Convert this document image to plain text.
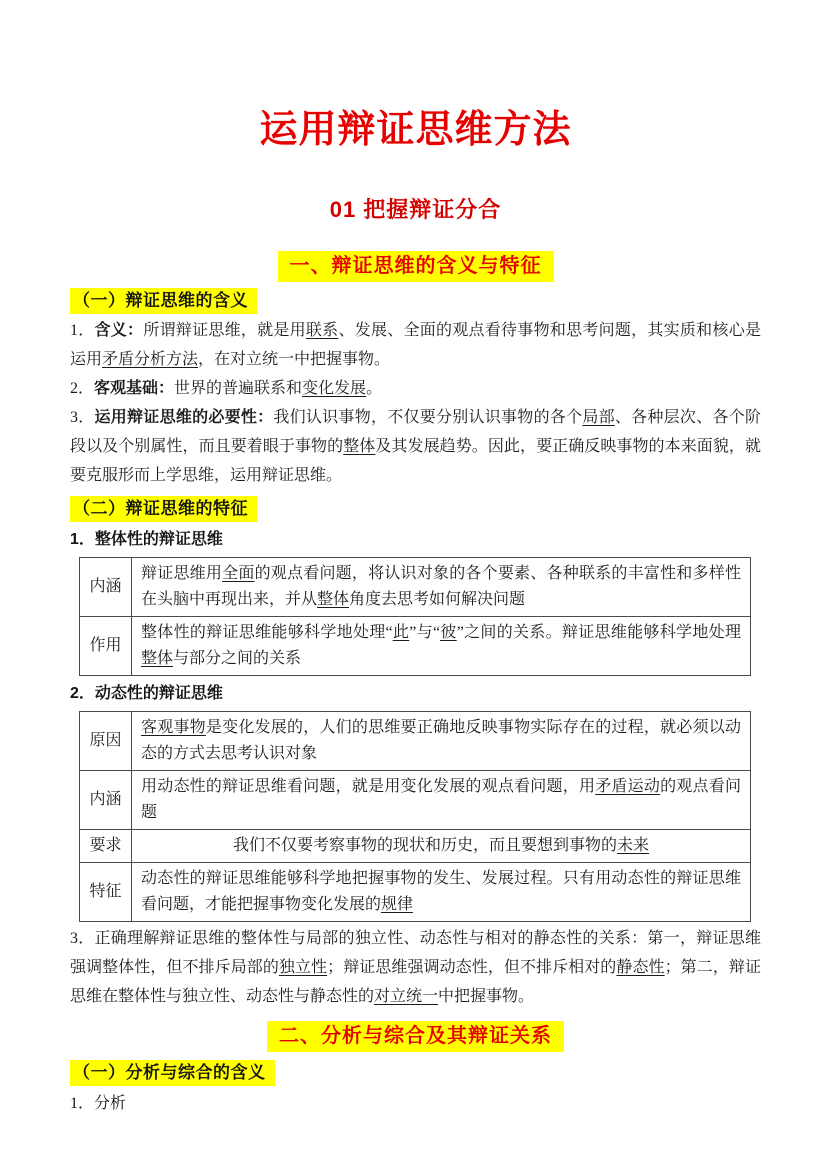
运用辩证思维方法
01 把握辩证分合
一、辩证思维的含义与特征
（一）辩证思维的含义

1．含义：所谓辩证思维，就是用联系、发展、全面的观点看待事物和思考问题，其实质和核心是运用矛盾分析方法，在对立统一中把握事物。

2．客观基础：世界的普遍联系和变化发展。

3．运用辩证思维的必要性：我们认识事物，不仅要分别认识事物的各个局部、各种层次、各个阶段以及个别属性，而且要着眼于事物的整体及其发展趋势。因此，要正确反映事物的本来面貌，就要克服形而上学思维，运用辩证思维。

（二）辩证思维的特征
1．整体性的辩证思维
内涵	辩证思维用全面的观点看问题，将认识对象的各个要素、各种联系的丰富性和多样性在头脑中再现出来，并从整体角度去思考如何解决问题
作用	整体性的辩证思维能够科学地处理“此”与“彼”之间的关系。辩证思维能够科学地处理整体与部分之间的关系
2．动态性的辩证思维
原因	客观事物是变化发展的，人们的思维要正确地反映事物实际存在的过程，就必须以动态的方式去思考认识对象
内涵	用动态性的辩证思维看问题，就是用变化发展的观点看问题，用矛盾运动的观点看问题
要求	我们不仅要考察事物的现状和历史，而且要想到事物的未来
特征	动态性的辩证思维能够科学地把握事物的发生、发展过程。只有用动态性的辩证思维看问题，才能把握事物变化发展的规律

3．正确理解辩证思维的整体性与局部的独立性、动态性与相对的静态性的关系：第一，辩证思维强调整体性，但不排斥局部的独立性；辩证思维强调动态性，但不排斥相对的静态性；第二，辩证思维在整体性与独立性、动态性与静态性的对立统一中把握事物。

二、分析与综合及其辩证关系
（一）分析与综合的含义
1．分析
